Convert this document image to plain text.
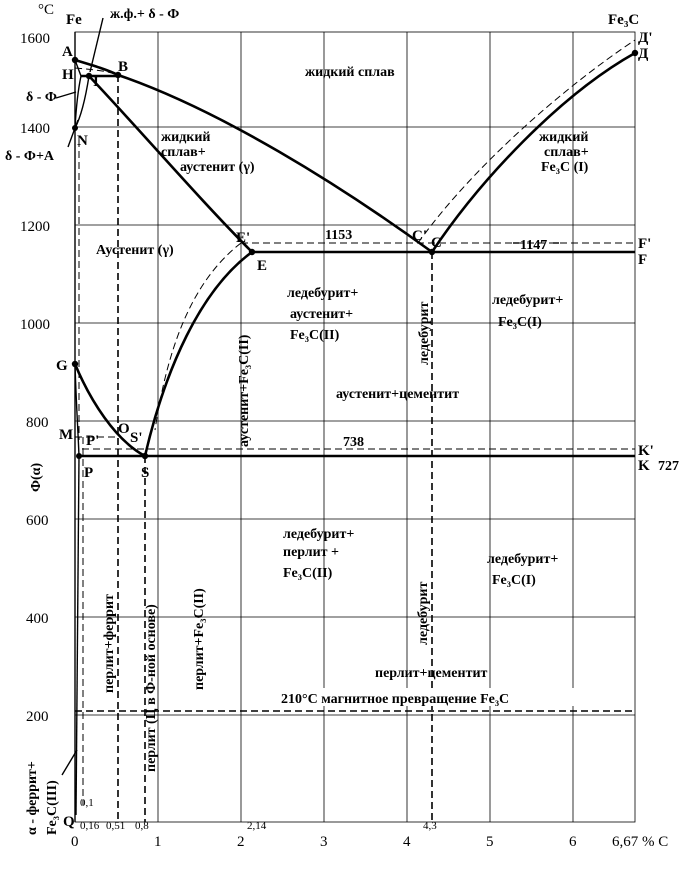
°C
1600
1400
1200
1000
800
600
400
200
0	1	2	3	4	5	6 6,67 % C
0,1
0,16 0,51 0,8	2,14	4,3
Fe	Fe₃C
Д'
Д
A
B
H I
N
E'
E
C' C	F'
F
G
M P'
O
S'
P	S
K'
K
Q
1153
1147
738
727
ж.ф.+ δ - Ф
жидкий сплав
жидкий
сплав+
аустенит (γ)
жидкий
сплав+
Fe₃C (I)
δ - Ф
δ - Ф+А
Аустенит (γ)
ледебурит+
аустенит+
Fe₃C(II)
ледебурит+
Fe₃C(I)
аустенит+цементит
ледебурит+
перлит +
Fe₃C(II)
ледебурит+
Fe₃C(I)
перлит+цементит
210°C магнитное превращение Fe₃C
ледебурит
аустенит+Fe₃C(II)
Ф(α)
ледебурит
перлит+феррит перлит (Ц в Ф-ной основе) перлит+Fe₃C(II)
α - феррит+ Fe₃C(III)
